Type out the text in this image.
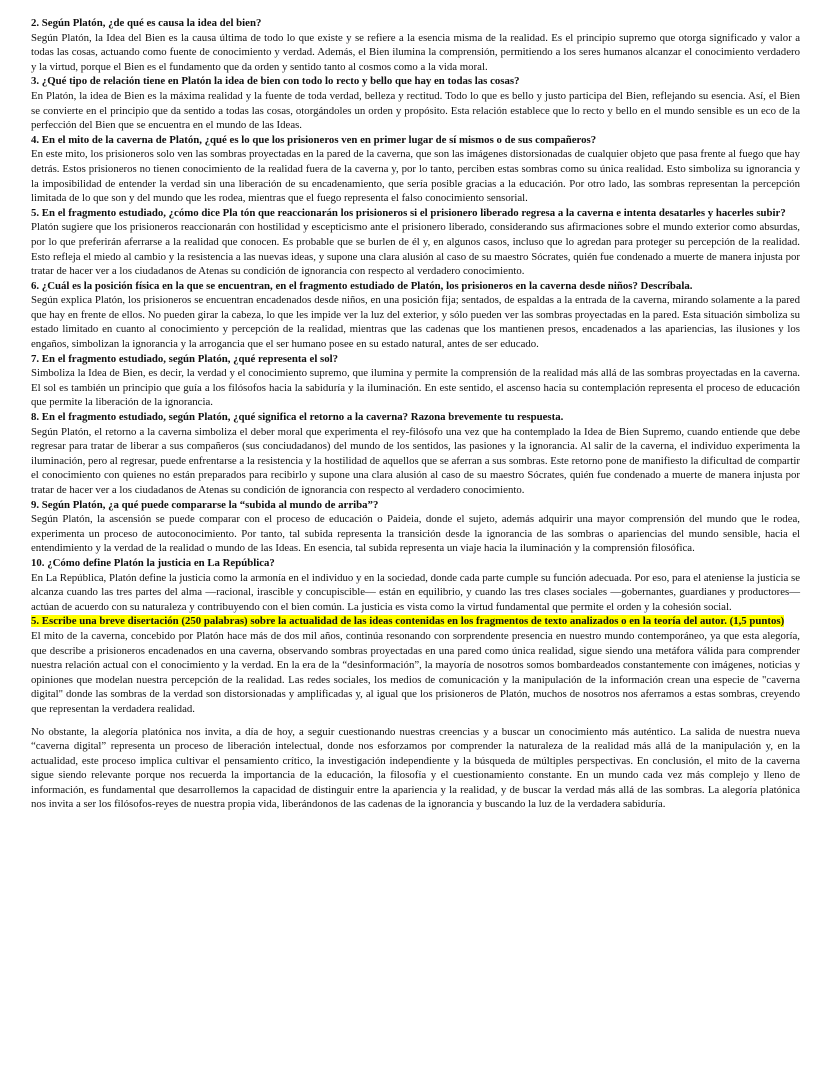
2. Según Platón, ¿de qué es causa la idea del bien?

Según Platón, la Idea del Bien es la causa última de todo lo que existe y se refiere a la esencia misma de la realidad. Es el principio supremo que otorga significado y valor a todas las cosas, actuando como fuente de conocimiento y verdad. Además, el Bien ilumina la comprensión, permitiendo a los seres humanos alcanzar el conocimiento verdadero y la virtud, porque el Bien es el fundamento que da orden y sentido tanto al cosmos como a la vida moral.

3. ¿Qué tipo de relación tiene en Platón la idea de bien con todo lo recto y bello que hay en todas las cosas?

En Platón, la idea de Bien es la máxima realidad y la fuente de toda verdad, belleza y rectitud. Todo lo que es bello y justo participa del Bien, reflejando su esencia. Así, el Bien se convierte en el principio que da sentido a todas las cosas, otorgándoles un orden y propósito. Esta relación establece que lo recto y bello en el mundo sensible es un eco de la perfección del Bien que se encuentra en el mundo de las Ideas.

4. En el mito de la caverna de Platón, ¿qué es lo que los prisioneros ven en primer lugar de sí mismos o de sus compañeros?

En este mito, los prisioneros solo ven las sombras proyectadas en la pared de la caverna, que son las imágenes distorsionadas de cualquier objeto que pasa frente al fuego que hay detrás. Estos prisioneros no tienen conocimiento de la realidad fuera de la caverna y, por lo tanto, perciben estas sombras como su única realidad. Esto simboliza su ignorancia y la imposibilidad de entender la verdad sin una liberación de su encadenamiento, que sería posible gracias a la educación. Por otro lado, las sombras representan la percepción limitada de lo que son y del mundo que les rodea, mientras que el fuego representa el falso conocimiento sensorial.

5. En el fragmento estudiado, ¿cómo dice Pla tón que reaccionarán los prisioneros si el prisionero liberado regresa a la caverna e intenta desatarles y hacerles subir?

Platón sugiere que los prisioneros reaccionarán con hostilidad y escepticismo ante el prisionero liberado, considerando sus afirmaciones sobre el mundo exterior como absurdas, por lo que preferirán aferrarse a la realidad que conocen. Es probable que se burlen de él y, en algunos casos, incluso que lo agredan para proteger su percepción de la realidad. Esto refleja el miedo al cambio y la resistencia a las nuevas ideas, y supone una clara alusión al caso de su maestro Sócrates, quién fue condenado a muerte de manera injusta por tratar de hacer ver a los ciudadanos de Atenas su condición de ignorancia con respecto al verdadero conocimiento.

6. ¿Cuál es la posición física en la que se encuentran, en el fragmento estudiado de Platón, los prisioneros en la caverna desde niños? Descríbala.

Según explica Platón, los prisioneros se encuentran encadenados desde niños, en una posición fija; sentados, de espaldas a la entrada de la caverna, mirando solamente a la pared que hay en frente de ellos. No pueden girar la cabeza, lo que les impide ver la luz del exterior, y sólo pueden ver las sombras proyectadas en la pared. Esta situación simboliza su estado limitado en cuanto al conocimiento y percepción de la realidad, mientras que las cadenas que los mantienen presos, encadenados a las apariencias, las ilusiones y los engaños, simbolizan la ignorancia y la arrogancia que el ser humano posee en su estado natural, antes de ser educado.

7. En el fragmento estudiado, según Platón, ¿qué representa el sol?

Simboliza la Idea de Bien, es decir, la verdad y el conocimiento supremo, que ilumina y permite la comprensión de la realidad más allá de las sombras proyectadas en la caverna. El sol es también un principio que guía a los filósofos hacia la sabiduría y la iluminación. En este sentido, el ascenso hacia su contemplación representa el proceso de educación que permite la liberación de la ignorancia.

8. En el fragmento estudiado, según Platón, ¿qué significa el retorno a la caverna? Razona brevemente tu respuesta.

Según Platón, el retorno a la caverna simboliza el deber moral que experimenta el rey-filósofo una vez que ha contemplado la Idea de Bien Supremo, cuando entiende que debe regresar para tratar de liberar a sus compañeros (sus conciudadanos) del mundo de los sentidos, las pasiones y la ignorancia. Al salir de la caverna, el individuo experimenta la iluminación, pero al regresar, puede enfrentarse a la resistencia y la hostilidad de aquellos que se aferran a sus sombras. Este retorno pone de manifiesto la dificultad de compartir el conocimiento con quienes no están preparados para recibirlo y supone una clara alusión al caso de su maestro Sócrates, quién fue condenado a muerte de manera injusta por tratar de hacer ver a los ciudadanos de Atenas su condición de ignorancia con respecto al verdadero conocimiento.

9. Según Platón, ¿a qué puede compararse la “subida al mundo de arriba”?

Según Platón, la ascensión se puede comparar con el proceso de educación o Paideia, donde el sujeto, además adquirir una mayor comprensión del mundo que le rodea, experimenta un proceso de autoconocimiento. Por tanto, tal subida representa la transición desde la ignorancia de las sombras o apariencias del mundo sensible, hacia el entendimiento y la verdad de la realidad o mundo de las Ideas. En esencia, tal subida representa un viaje hacia la iluminación y la comprensión filosófica.

10. ¿Cómo define Platón la justicia en La República?

En La República, Platón define la justicia como la armonía en el individuo y en la sociedad, donde cada parte cumple su función adecuada. Por eso, para el ateniense la justicia se alcanza cuando las tres partes del alma —racional, irascible y concupiscible— están en equilibrio, y cuando las tres clases sociales —gobernantes, guardianes y productores— actúan de acuerdo con su naturaleza y contribuyendo con el bien común. La justicia es vista como la virtud fundamental que permite el orden y la cohesión social.

5. Escribe una breve disertación (250 palabras) sobre la actualidad de las ideas contenidas en los fragmentos de texto analizados o en la teoría del autor. (1,5 puntos)

El mito de la caverna, concebido por Platón hace más de dos mil años, continúa resonando con sorprendente presencia en nuestro mundo contemporáneo, ya que esta alegoría, que describe a prisioneros encadenados en una caverna, observando sombras proyectadas en una pared como única realidad, sigue siendo una metáfora válida para comprender nuestra relación actual con el conocimiento y la verdad. En la era de la “desinformación”, la mayoría de nosotros somos bombardeados constantemente con imágenes, noticias y opiniones que modelan nuestra percepción de la realidad. Las redes sociales, los medios de comunicación y la manipulación de la información crean una especie de "caverna digital" donde las sombras de la verdad son distorsionadas y amplificadas y, al igual que los prisioneros de Platón, muchos de nosotros nos aferramos a estas sombras, creyendo que representan la verdadera realidad.

No obstante, la alegoría platónica nos invita, a día de hoy, a seguir cuestionando nuestras creencias y a buscar un conocimiento más auténtico. La salida de nuestra nueva “caverna digital” representa un proceso de liberación intelectual, donde nos esforzamos por comprender la naturaleza de la realidad más allá de la manipulación y, en la actualidad, este proceso implica cultivar el pensamiento crítico, la investigación independiente y la búsqueda de múltiples perspectivas. En conclusión, el mito de la caverna sigue siendo relevante porque nos recuerda la importancia de la educación, la filosofía y el cuestionamiento constante. En un mundo cada vez más complejo y lleno de información, es fundamental que desarrollemos la capacidad de distinguir entre la apariencia y la realidad, y de buscar la verdad más allá de las sombras. La alegoría platónica nos invita a ser los filósofos-reyes de nuestra propia vida, liberándonos de las cadenas de la ignorancia y buscando la luz de la verdadera sabiduría.
